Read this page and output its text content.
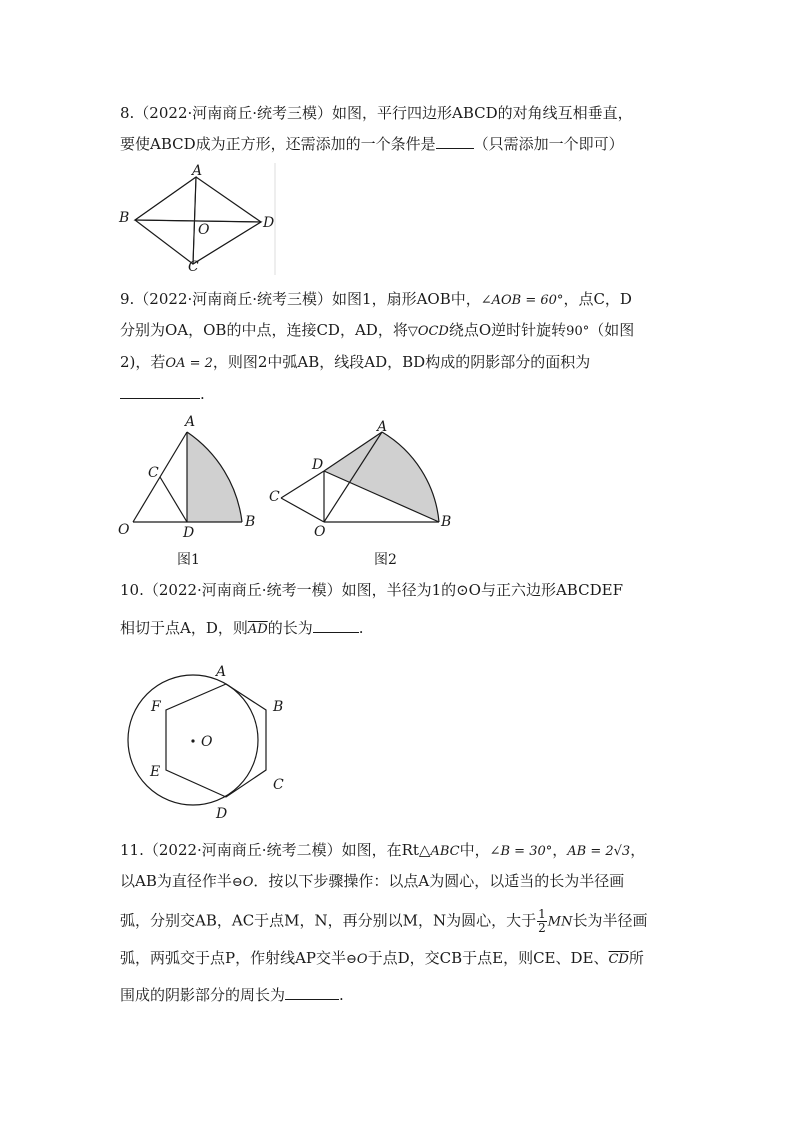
8.（2022·河南商丘·统考三模）如图，平行四边形ABCD的对角线互相垂直，
要使ABCD成为正方形，还需添加的一个条件是	（只需添加一个即可）
A
B	D
O
C
9.（2022·河南商丘·统考三模）如图1，扇形AOB中，∠AOB = 60°，点C，D
分别为OA，OB的中点，连接CD，AD，将▽OCD绕点O逆时针旋转90°（如图
2)，若OA = 2，则图2中弧AB，线段AD，BD构成的阴影部分的面积为
.
A
C
O	D
B
图1
A
D
C
O
B
图2
10.（2022·河南商丘·统考一模）如图，半径为1的⊙O与正六边形ABCDEF
相切于点A，D，则$\overline{AD}$的长为	.
O
A
B
C
D
E
F
11.（2022·河南商丘·统考二模）如图，在Rt△ABC中，∠B = 30°，AB = 2√3，
以AB为直径作半⊖O．按以下步骤操作：以点A为圆心，以适当的长为半径画
弧，分别交AB，AC于点M，N，再分别以M，N为圆心，大于 $\frac{1}{2}$ MN长为半径画
弧，两弧交于点P，作射线AP交半⊖O于点D，交CB于点E，则CE、DE、$\overline{CD}$所
围成的阴影部分的周长为	.
